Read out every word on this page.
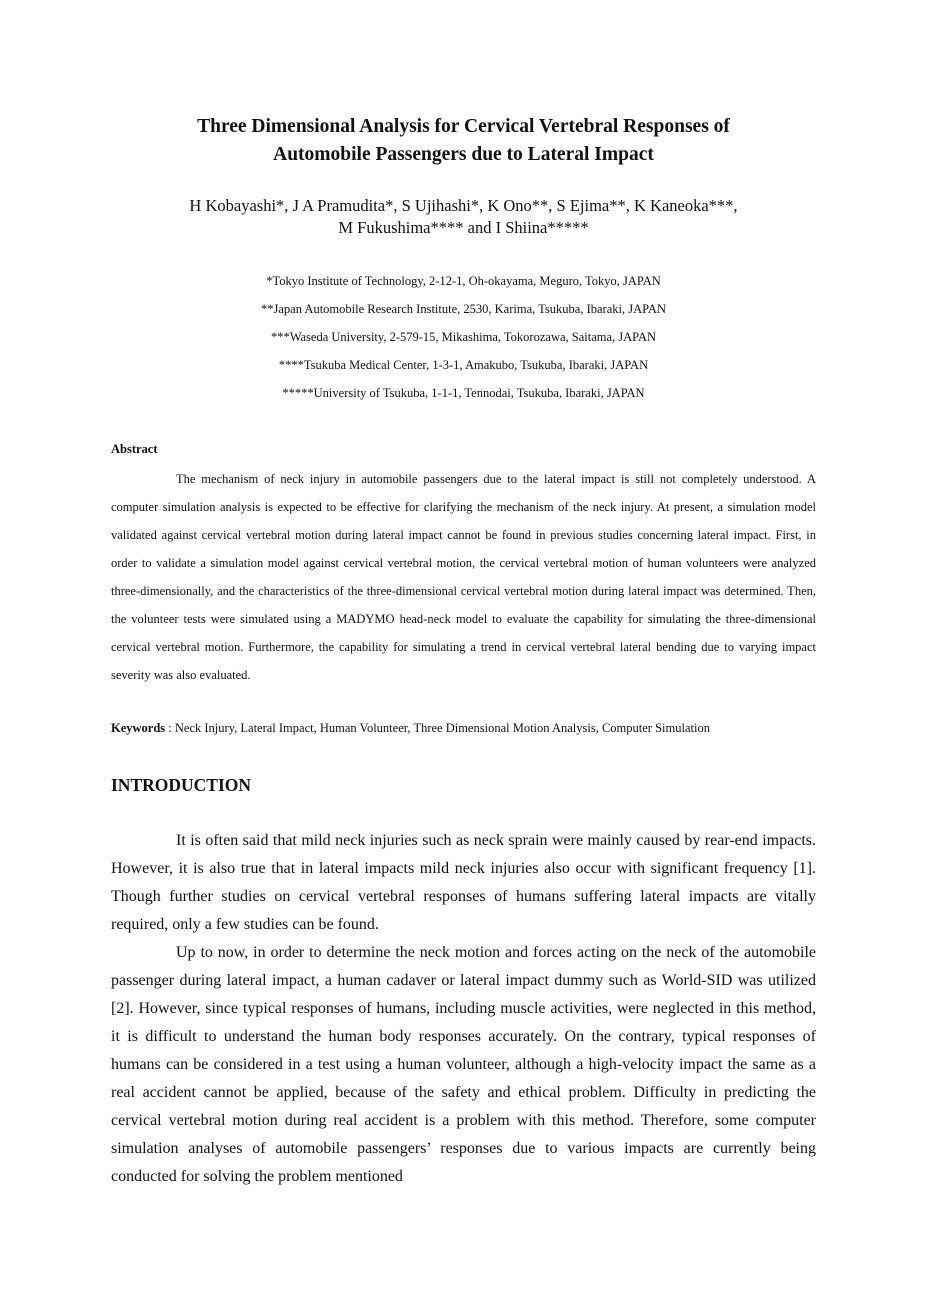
Three Dimensional Analysis for Cervical Vertebral Responses of
Automobile Passengers due to Lateral Impact
H Kobayashi*, J A Pramudita*, S Ujihashi*, K Ono**, S Ejima**, K Kaneoka***,
M Fukushima**** and I Shiina*****
*Tokyo Institute of Technology, 2-12-1, Oh-okayama, Meguro, Tokyo, JAPAN
**Japan Automobile Research Institute, 2530, Karima, Tsukuba, Ibaraki, JAPAN
***Waseda University, 2-579-15, Mikashima, Tokorozawa, Saitama, JAPAN
****Tsukuba Medical Center, 1-3-1, Amakubo, Tsukuba, Ibaraki, JAPAN
*****University of Tsukuba, 1-1-1, Tennodai, Tsukuba, Ibaraki, JAPAN
Abstract

The mechanism of neck injury in automobile passengers due to the lateral impact is still not completely understood. A computer simulation analysis is expected to be effective for clarifying the mechanism of the neck injury. At present, a simulation model validated against cervical vertebral motion during lateral impact cannot be found in previous studies concerning lateral impact. First, in order to validate a simulation model against cervical vertebral motion, the cervical vertebral motion of human volunteers were analyzed three-dimensionally, and the characteristics of the three-dimensional cervical vertebral motion during lateral impact was determined. Then, the volunteer tests were simulated using a MADYMO head-neck model to evaluate the capability for simulating the three-dimensional cervical vertebral motion. Furthermore, the capability for simulating a trend in cervical vertebral lateral bending due to varying impact severity was also evaluated.

Keywords : Neck Injury, Lateral Impact, Human Volunteer, Three Dimensional Motion Analysis, Computer Simulation
INTRODUCTION

It is often said that mild neck injuries such as neck sprain were mainly caused by rear-end impacts. However, it is also true that in lateral impacts mild neck injuries also occur with significant frequency [1]. Though further studies on cervical vertebral responses of humans suffering lateral impacts are vitally required, only a few studies can be found.

Up to now, in order to determine the neck motion and forces acting on the neck of the automobile passenger during lateral impact, a human cadaver or lateral impact dummy such as World-SID was utilized [2]. However, since typical responses of humans, including muscle activities, were neglected in this method, it is difficult to understand the human body responses accurately. On the contrary, typical responses of humans can be considered in a test using a human volunteer, although a high-velocity impact the same as a real accident cannot be applied, because of the safety and ethical problem. Difficulty in predicting the cervical vertebral motion during real accident is a problem with this method. Therefore, some computer simulation analyses of automobile passengers’ responses due to various impacts are currently being conducted for solving the problem mentioned
